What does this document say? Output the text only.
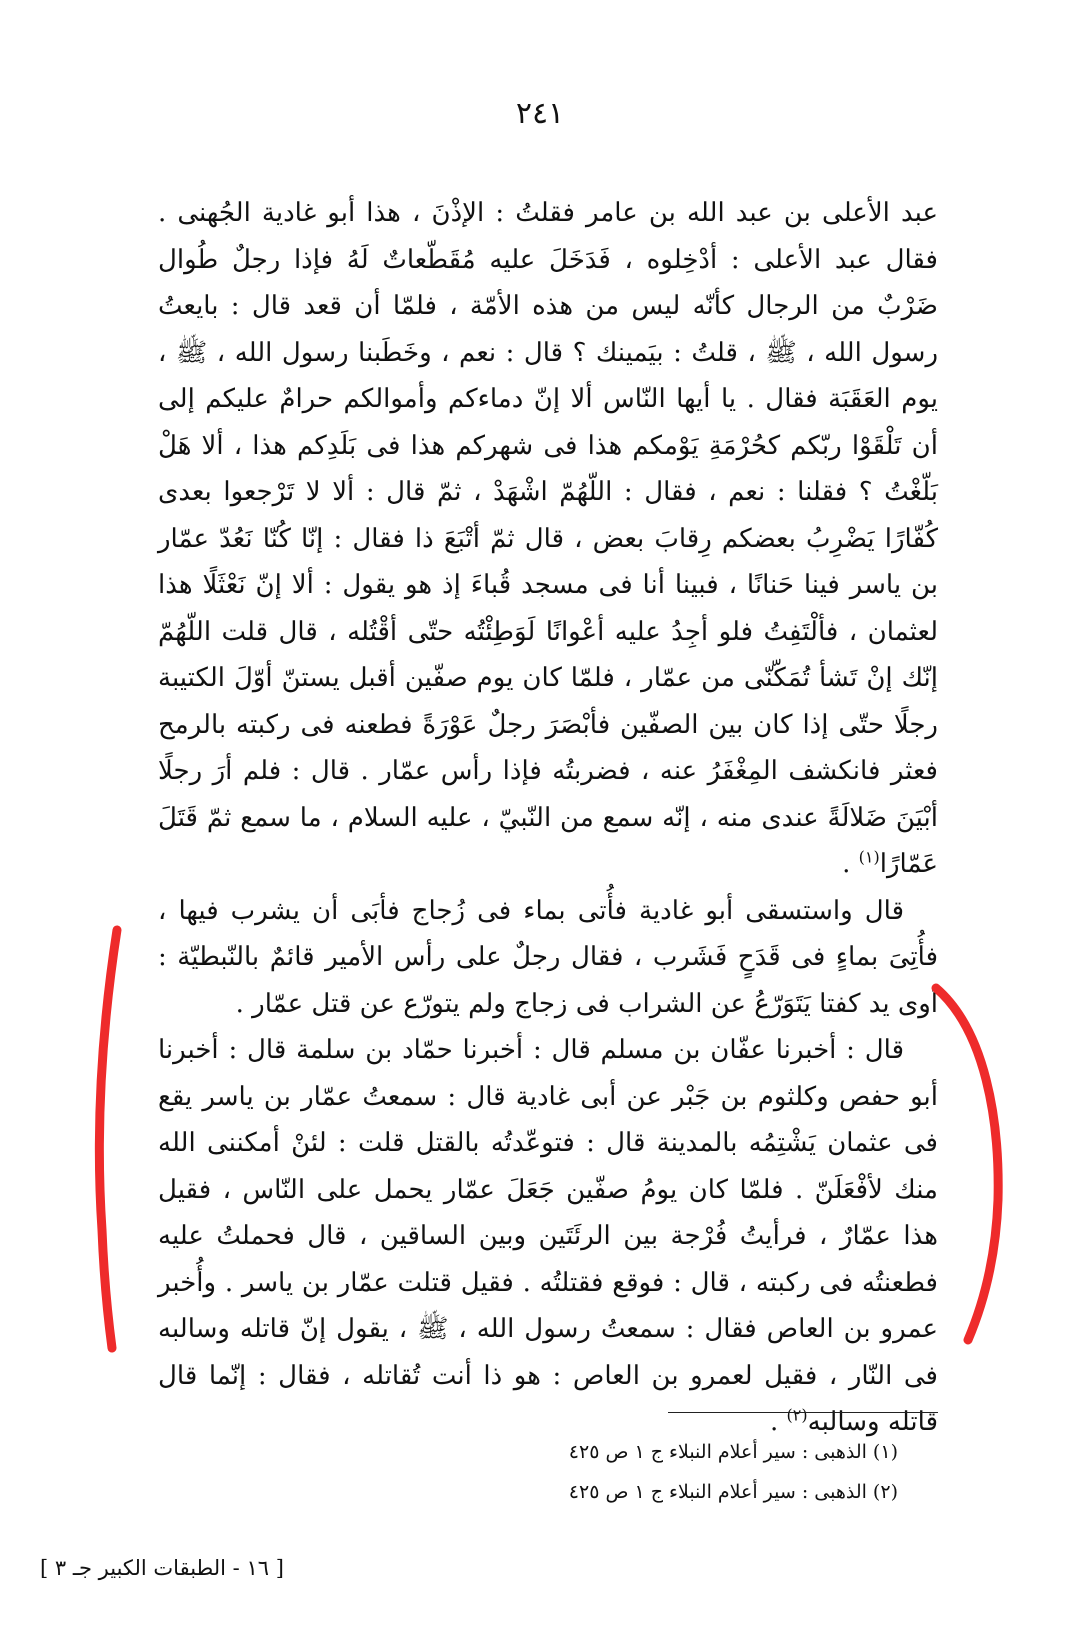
٢٤١

عبد الأعلى بن عبد الله بن عامر فقلتُ : الإذْنَ ، هذا أبو غادية الجُهنى . فقال عبد الأعلى : أدْخِلوه ، فَدَخَلَ عليه مُقَطّعاتٌ لَهُ فإذا رجلٌ طُوال ضَرْبٌ من الرجال كأنّه ليس من هذه الأمّة ، فلمّا أن قعد قال : بايعتُ رسول الله ، ﷺ ، قلتُ : بيَمينك ؟ قال : نعم ، وخَطَبنا رسول الله ، ﷺ ، يوم العَقَبَة فقال . يا أيها النّاس ألا إنّ دماءكم وأموالكم حرامٌ عليكم إلى أن تَلْقَوْا ربّكم كحُرْمَةِ يَوْمكم هذا فى شهركم هذا فى بَلَدِكم هذا ، ألا هَلْ بَلّغْتُ ؟ فقلنا : نعم ، فقال : اللّهُمّ اشْهَدْ ، ثمّ قال : ألا لا تَرْجعوا بعدى كُفّارًا يَضْرِبُ بعضكم رِقابَ بعض ، قال ثمّ أتْبَعَ ذا فقال : إنّا كُنّا نَعُدّ عمّار بن ياسر فينا حَنانًا ، فبينا أنا فى مسجد قُباءَ إذ هو يقول : ألا إنّ نَعْثَلًا هذا لعثمان ، فألْتَفِتُ فلو أجِدُ عليه أعْوانًا لَوَطِئْتُه حتّى أقْتُله ، قال قلت اللّهُمّ إنّك إنْ تَشأ تُمَكّنّى من عمّار ، فلمّا كان يوم صفّين أقبل يستنّ أوّلَ الكتيبة رجلًا حتّى إذا كان بين الصفّين فأبْصَرَ رجلٌ عَوْرَةً فطعنه فى ركبته بالرمح فعثر فانكشف المِغْفَرُ عنه ، فضربتُه فإذا رأس عمّار . قال : فلم أرَ رجلًا أبْيَنَ ضَلالَةً عندى منه ، إنّه سمع من النّبيّ ، عليه السلام ، ما سمع ثمّ قَتَلَ عَمّارًا$^{(١)}$ .

قال واستسقى أبو غادية فأُتى بماء فى زُجاج فأبَى أن يشرب فيها ، فأُتِىَ بماءٍ فى قَدَحٍ فَشَرب ، فقال رجلٌ على رأس الأمير قائمٌ بالنّبطيّة : أوى يد كفتا يَتَوَرّعُ عن الشراب فى زجاج ولم يتورّع عن قتل عمّار .

قال : أخبرنا عفّان بن مسلم قال : أخبرنا حمّاد بن سلمة قال : أخبرنا أبو حفص وكلثوم بن جَبْر عن أبى غادية قال : سمعتُ عمّار بن ياسر يقع فى عثمان يَشْتِمُه بالمدينة قال : فتوعّدتُه بالقتل قلت : لئنْ أمكننى الله منك لأفْعَلَنّ . فلمّا كان يومُ صفّين جَعَلَ عمّار يحمل على النّاس ، فقيل هذا عمّارٌ ، فرأيتُ فُرْجة بين الرئَتَين وبين الساقين ، قال فحملتُ عليه فطعنتُه فى ركبته ، قال : فوقع فقتلتُه . فقيل قتلت عمّار بن ياسر . وأُخبر عمرو بن العاص فقال : سمعتُ رسول الله ، ﷺ ، يقول إنّ قاتله وسالبه فى النّار ، فقيل لعمرو بن العاص : هو ذا أنت تُقاتله ، فقال : إنّما قال قاتله وسالبه$^{(٢)}$ .

(١) الذهبى : سير أعلام النبلاء ج ١ ص ٤٢٥
(٢) الذهبى : سير أعلام النبلاء ج ١ ص ٤٢٥
[ ١٦ - الطبقات الكبير جـ ٣ ]
